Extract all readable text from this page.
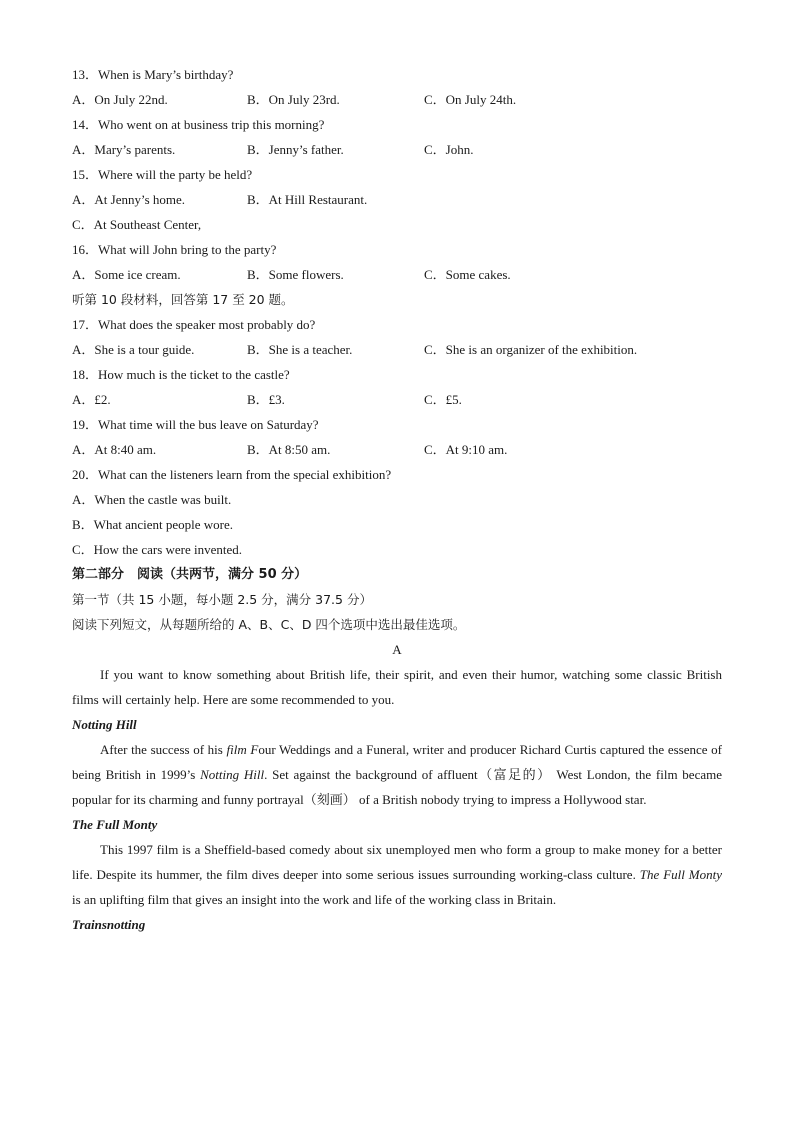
13．When is Mary’s birthday?
A．On July 22nd.	B．On July 23rd.	C．On July 24th.
14．Who went on at business trip this morning?
A．Mary’s parents.	B．Jenny’s father.	C．John.
15．Where will the party be held?
A．At Jenny’s home.	B．At Hill Restaurant.
C．At Southeast Center,
16．What will John bring to the party?
A．Some ice cream.	B．Some flowers.	C．Some cakes.
听第 10 段材料，回答第 17 至 20 题。
17．What does the speaker most probably do?
A．She is a tour guide.	B．She is a teacher.	C．She is an organizer of the exhibition.
18．How much is the ticket to the castle?
A．£2.	B．£3.	C．£5.
19．What time will the bus leave on Saturday?
A．At 8:40 am.	B．At 8:50 am.	C．At 9:10 am.
20．What can the listeners learn from the special exhibition?
A．When the castle was built.
B．What ancient people wore.
C．How the cars were invented.
第二部分　阅读（共两节，满分 50 分）
第一节（共 15 小题，每小题 2.5 分，满分 37.5 分）
阅读下列短文，从每题所给的 A、B、C、D 四个选项中选出最佳选项。
A

If you want to know something about British life, their spirit, and even their humor, watching some classic British films will certainly help. Here are some recommended to you.

Notting Hill

After the success of his film Four Weddings and a Funeral, writer and producer Richard Curtis captured the essence of being British in 1999’s Notting Hill. Set against the background of affluent（富足的） West London, the film became popular for its charming and funny portrayal（刻画） of a British nobody trying to impress a Hollywood star.

The Full Monty

This 1997 film is a Sheffield-based comedy about six unemployed men who form a group to make money for a better life. Despite its hummer, the film dives deeper into some serious issues surrounding working-class culture. The Full Monty is an uplifting film that gives an insight into the work and life of the working class in Britain.

Trainsnotting
